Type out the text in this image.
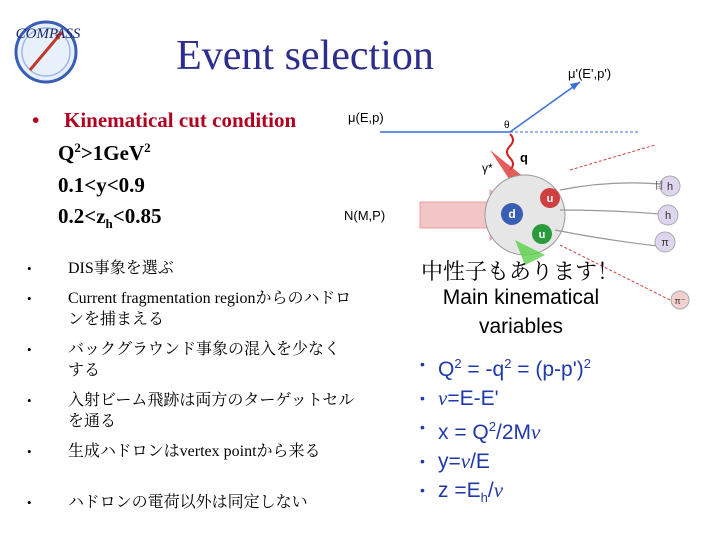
COMPASS	Event selection
• Kinematical cut condition
$Q^2>1GeV^2$
0.1<y<0.9
$0.2<z_h<0.85$
• DIS事象を選ぶ
• Current fragmentation regionからのハドロンを捕まえる
• バックグラウンド事象の混入を少なくする
• 入射ビーム飛跡は両方のターゲットセルを通る
• 生成ハドロンはvertex pointから来る
• ハドロンの電荷以外は同定しない
μ'(E',p')
μ(E,p)
θ
γ*
q
N(M,P)
u
d
u
h
h
π
π⁻
目
中性子もあります！
Main kinematical variables
• $Q^2 = -q^2 = (p-p')^2$
• v=E-E'
• $x = Q^2/2Mv$
• y=v/E
• $z =E_h/v$
